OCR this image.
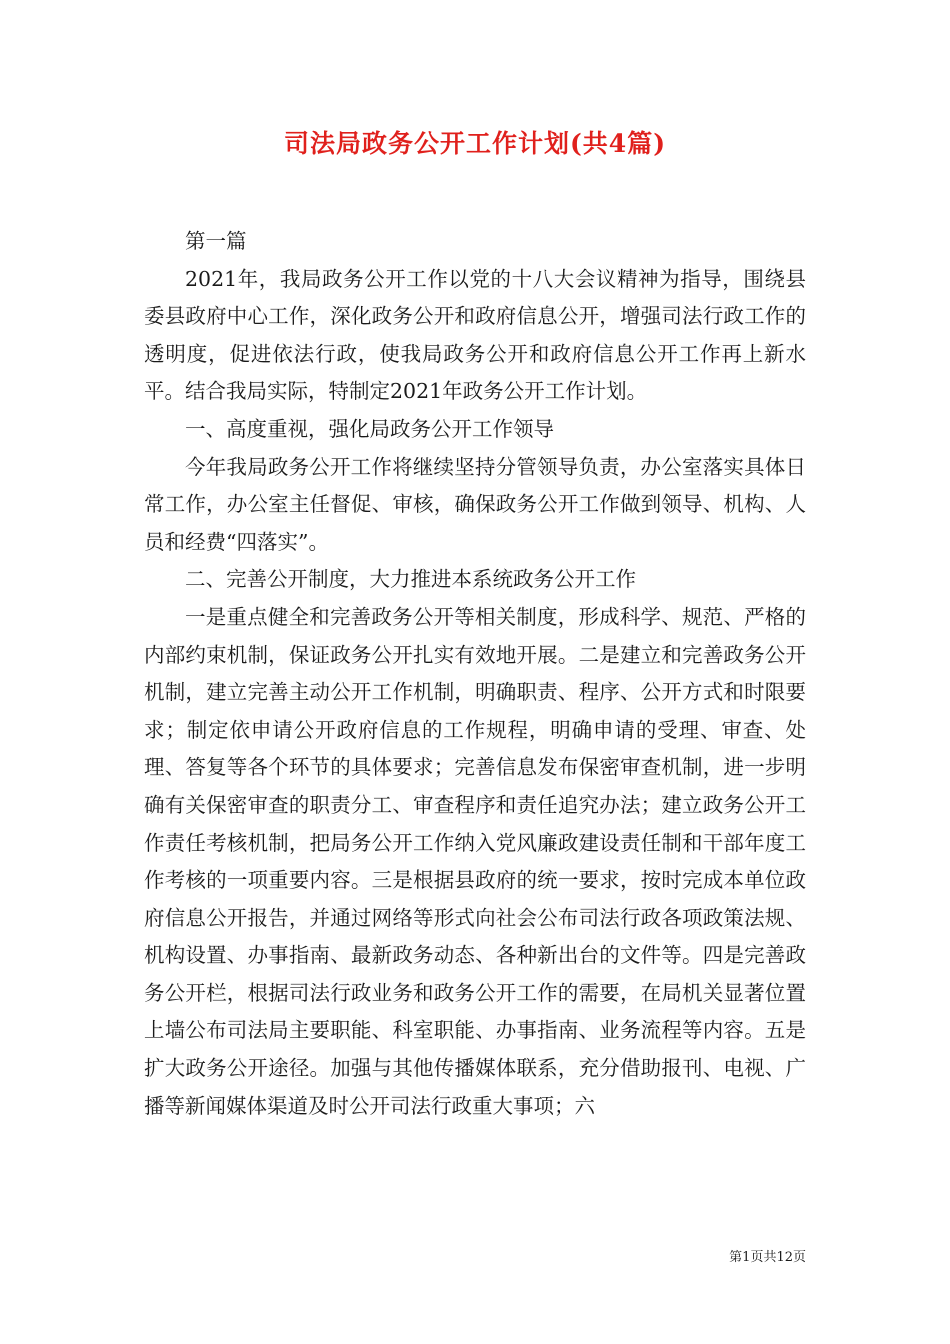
司法局政务公开工作计划(共4篇)

第一篇

2021年，我局政务公开工作以党的十八大会议精神为指导，围绕县委县政府中心工作，深化政务公开和政府信息公开，增强司法行政工作的透明度，促进依法行政，使我局政务公开和政府信息公开工作再上新水平。结合我局实际，特制定2021年政务公开工作计划。

一、高度重视，强化局政务公开工作领导

今年我局政务公开工作将继续坚持分管领导负责，办公室落实具体日常工作，办公室主任督促、审核，确保政务公开工作做到领导、机构、人员和经费“四落实”。

二、完善公开制度，大力推进本系统政务公开工作

一是重点健全和完善政务公开等相关制度，形成科学、规范、严格的内部约束机制，保证政务公开扎实有效地开展。二是建立和完善政务公开机制，建立完善主动公开工作机制，明确职责、程序、公开方式和时限要求；制定依申请公开政府信息的工作规程，明确申请的受理、审查、处理、答复等各个环节的具体要求；完善信息发布保密审查机制，进一步明确有关保密审查的职责分工、审查程序和责任追究办法；建立政务公开工作责任考核机制，把局务公开工作纳入党风廉政建设责任制和干部年度工作考核的一项重要内容。三是根据县政府的统一要求，按时完成本单位政府信息公开报告，并通过网络等形式向社会公布司法行政各项政策法规、机构设置、办事指南、最新政务动态、各种新出台的文件等。四是完善政务公开栏，根据司法行政业务和政务公开工作的需要，在局机关显著位置上墙公布司法局主要职能、科室职能、办事指南、业务流程等内容。五是扩大政务公开途径。加强与其他传播媒体联系，充分借助报刊、电视、广播等新闻媒体渠道及时公开司法行政重大事项；六

第1页共12页
